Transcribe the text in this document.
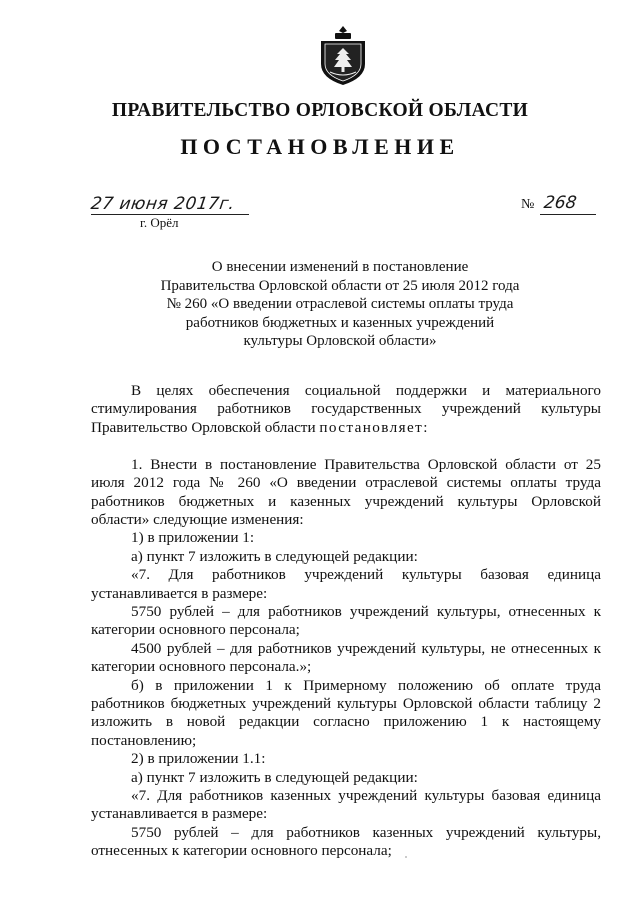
ПРАВИТЕЛЬСТВО ОРЛОВСКОЙ ОБЛАСТИ
ПОСТАНОВЛЕНИЕ
27 июня 2017г.
г. Орёл
№ 268
О внесении изменений в постановление
Правительства Орловской области от 25 июля 2012 года
№ 260 «О введении отраслевой системы оплаты труда
работников бюджетных и казенных учреждений
культуры Орловской области»

В целях обеспечения социальной поддержки и материального стимулирования работников государственных учреждений культуры Правительство Орловской области постановляет:

1. Внести в постановление Правительства Орловской области от 25 июля 2012 года № 260 «О введении отраслевой системы оплаты труда работников бюджетных и казенных учреждений культуры Орловской области» следующие изменения:

1) в приложении 1:

а) пункт 7 изложить в следующей редакции:

«7. Для работников учреждений культуры базовая единица устанавливается в размере:

5750 рублей – для работников учреждений культуры, отнесенных к категории основного персонала;

4500 рублей – для работников учреждений культуры, не отнесенных к категории основного персонала.»;

б) в приложении 1 к Примерному положению об оплате труда работников бюджетных учреждений культуры Орловской области таблицу 2 изложить в новой редакции согласно приложению 1 к настоящему постановлению;

2) в приложении 1.1:

а) пункт 7 изложить в следующей редакции:

«7. Для работников казенных учреждений культуры базовая единица устанавливается в размере:

5750 рублей – для работников казенных учреждений культуры, отнесенных к категории основного персонала;
